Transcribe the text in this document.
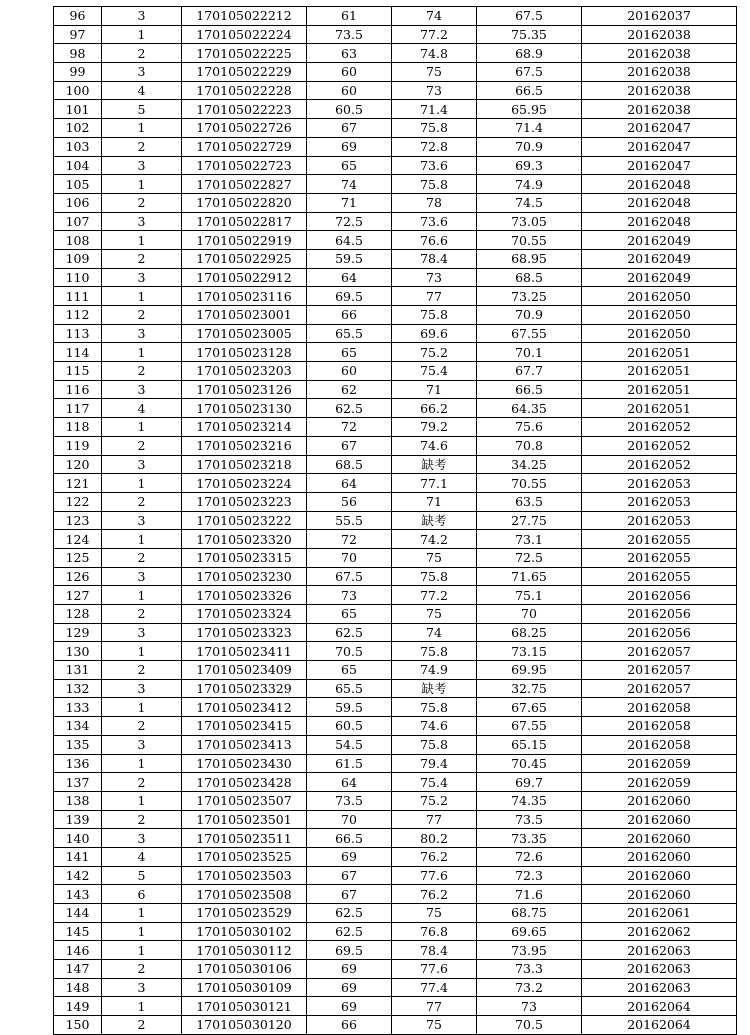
96	3	170105022212	61	74	67.5	20162037
97	1	170105022224	73.5	77.2	75.35	20162038
98	2	170105022225	63	74.8	68.9	20162038
99	3	170105022229	60	75	67.5	20162038
100	4	170105022228	60	73	66.5	20162038
101	5	170105022223	60.5	71.4	65.95	20162038
102	1	170105022726	67	75.8	71.4	20162047
103	2	170105022729	69	72.8	70.9	20162047
104	3	170105022723	65	73.6	69.3	20162047
105	1	170105022827	74	75.8	74.9	20162048
106	2	170105022820	71	78	74.5	20162048
107	3	170105022817	72.5	73.6	73.05	20162048
108	1	170105022919	64.5	76.6	70.55	20162049
109	2	170105022925	59.5	78.4	68.95	20162049
110	3	170105022912	64	73	68.5	20162049
111	1	170105023116	69.5	77	73.25	20162050
112	2	170105023001	66	75.8	70.9	20162050
113	3	170105023005	65.5	69.6	67.55	20162050
114	1	170105023128	65	75.2	70.1	20162051
115	2	170105023203	60	75.4	67.7	20162051
116	3	170105023126	62	71	66.5	20162051
117	4	170105023130	62.5	66.2	64.35	20162051
118	1	170105023214	72	79.2	75.6	20162052
119	2	170105023216	67	74.6	70.8	20162052
120	3	170105023218	68.5	缺考	34.25	20162052
121	1	170105023224	64	77.1	70.55	20162053
122	2	170105023223	56	71	63.5	20162053
123	3	170105023222	55.5	缺考	27.75	20162053
124	1	170105023320	72	74.2	73.1	20162055
125	2	170105023315	70	75	72.5	20162055
126	3	170105023230	67.5	75.8	71.65	20162055
127	1	170105023326	73	77.2	75.1	20162056
128	2	170105023324	65	75	70	20162056
129	3	170105023323	62.5	74	68.25	20162056
130	1	170105023411	70.5	75.8	73.15	20162057
131	2	170105023409	65	74.9	69.95	20162057
132	3	170105023329	65.5	缺考	32.75	20162057
133	1	170105023412	59.5	75.8	67.65	20162058
134	2	170105023415	60.5	74.6	67.55	20162058
135	3	170105023413	54.5	75.8	65.15	20162058
136	1	170105023430	61.5	79.4	70.45	20162059
137	2	170105023428	64	75.4	69.7	20162059
138	1	170105023507	73.5	75.2	74.35	20162060
139	2	170105023501	70	77	73.5	20162060
140	3	170105023511	66.5	80.2	73.35	20162060
141	4	170105023525	69	76.2	72.6	20162060
142	5	170105023503	67	77.6	72.3	20162060
143	6	170105023508	67	76.2	71.6	20162060
144	1	170105023529	62.5	75	68.75	20162061
145	1	170105030102	62.5	76.8	69.65	20162062
146	1	170105030112	69.5	78.4	73.95	20162063
147	2	170105030106	69	77.6	73.3	20162063
148	3	170105030109	69	77.4	73.2	20162063
149	1	170105030121	69	77	73	20162064
150	2	170105030120	66	75	70.5	20162064
